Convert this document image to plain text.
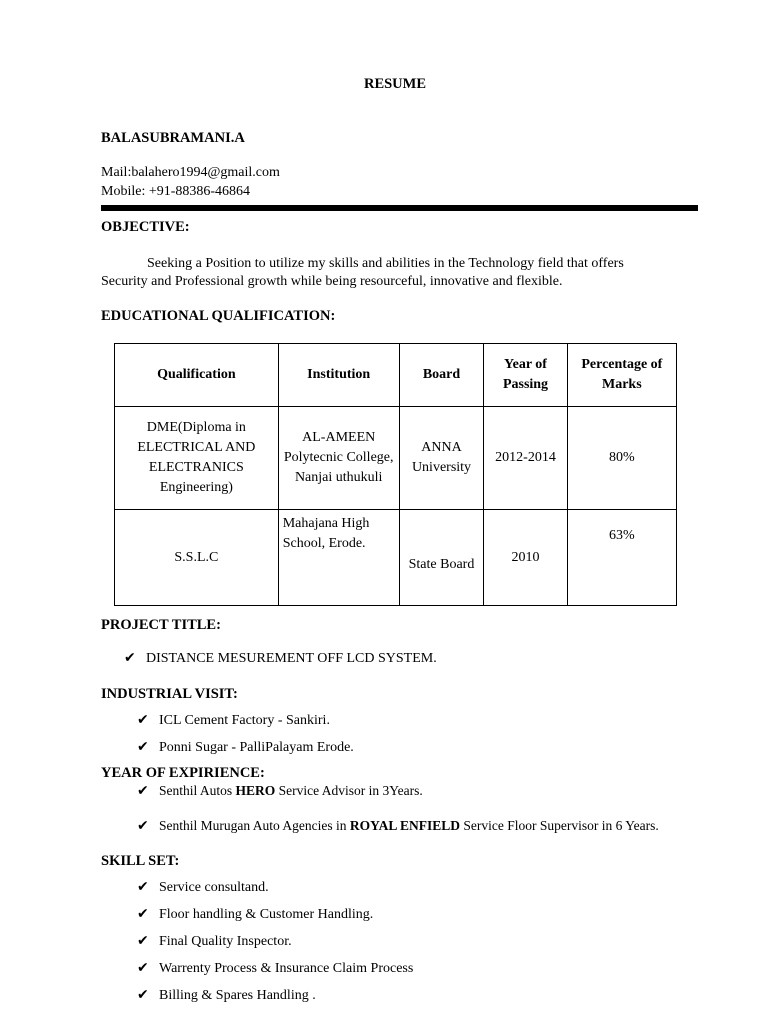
RESUME
BALASUBRAMANI.A
Mail:balahero1994@gmail.com
Mobile: +91-88386-46864
OBJECTIVE:
Seeking a Position to utilize my skills and abilities in the Technology field that offers
Security and Professional growth while being resourceful, innovative and flexible.
EDUCATIONAL QUALIFICATION:
Qualification	Institution	Board	Year of Passing	Percentage of Marks
DME(Diploma in ELECTRICAL AND ELECTRANICS Engineering)	AL-AMEEN Polytecnic College, Nanjai uthukuli	ANNA University	2012-2014	80%
S.S.L.C	Mahajana High School, Erode.	State Board	2010	63%
PROJECT TITLE:
✔ DISTANCE MESUREMENT OFF LCD SYSTEM.
INDUSTRIAL VISIT:
✔ ICL Cement Factory - Sankiri.
✔ Ponni Sugar - PalliPalayam Erode.
YEAR OF EXPIRIENCE:
✔ Senthil Autos HERO Service Advisor in 3Years.
✔ Senthil Murugan Auto Agencies in ROYAL ENFIELD Service Floor Supervisor in 6 Years.
SKILL SET:
✔ Service consultand.
✔ Floor handling & Customer Handling.
✔ Final Quality Inspector.
✔ Warrenty Process & Insurance Claim Process
✔ Billing & Spares Handling .
